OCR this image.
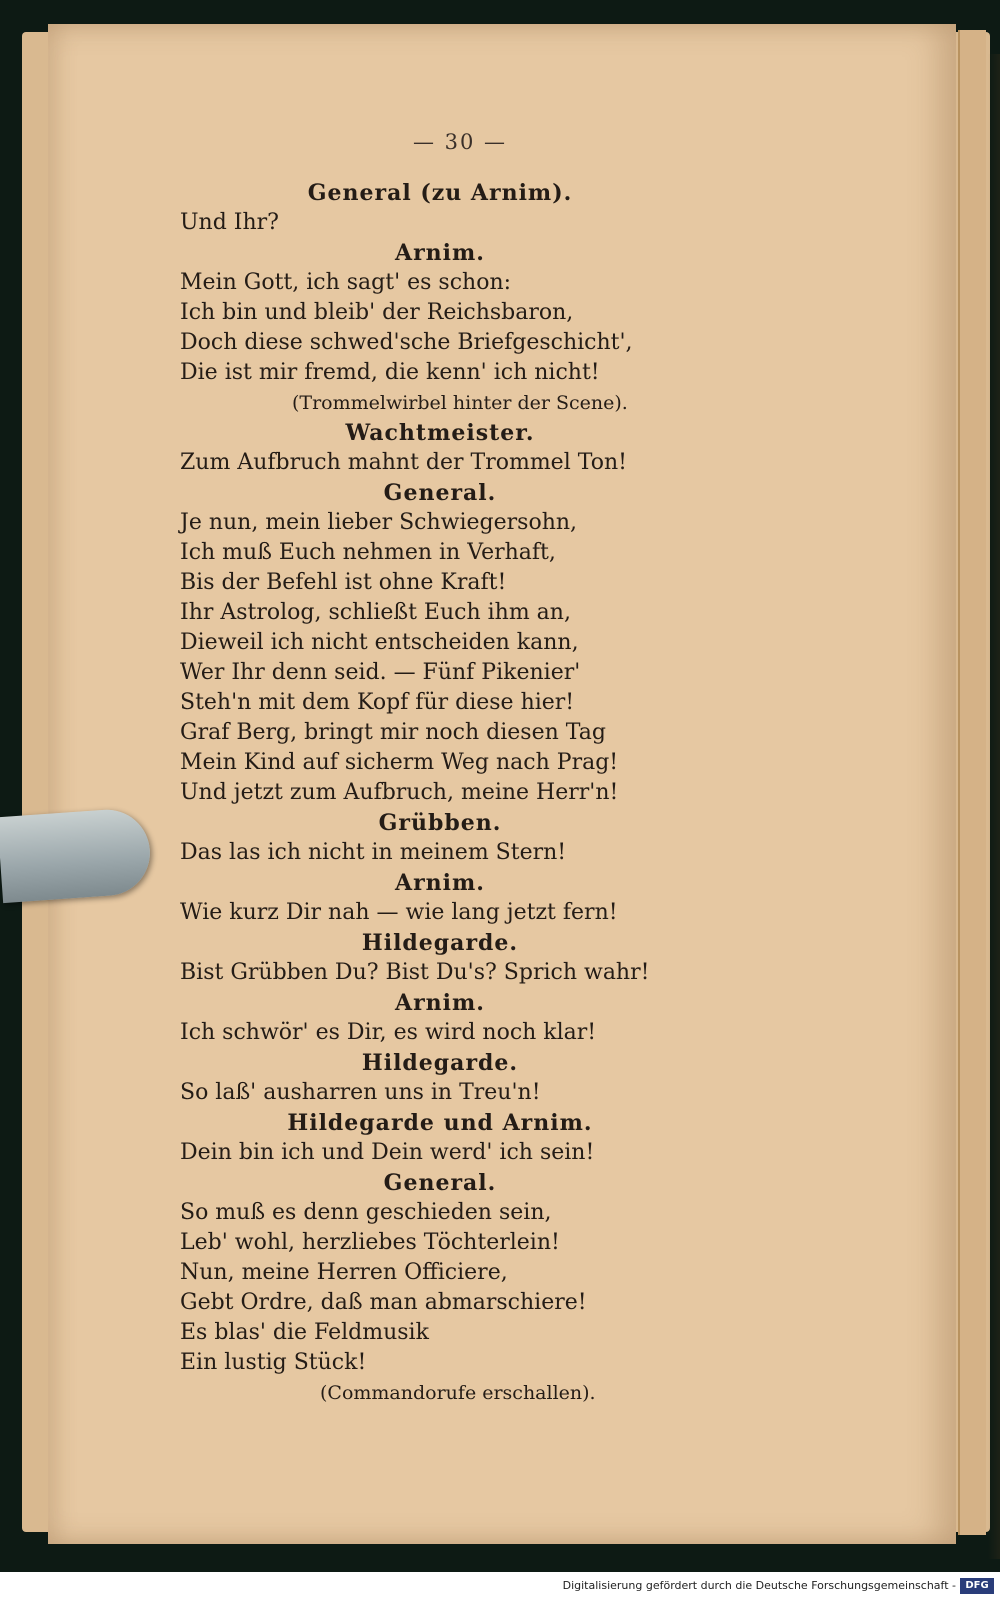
— 30 —
General (zu Arnim).
Und Ihr?
Arnim.
Mein Gott, ich sagt' es schon:
Ich bin und bleib' der Reichsbaron,
Doch diese schwed'sche Briefgeschicht',
Die ist mir fremd, die kenn' ich nicht!
(Trommelwirbel hinter der Scene).
Wachtmeister.
Zum Aufbruch mahnt der Trommel Ton!
General.
Je nun, mein lieber Schwiegersohn,
Ich muß Euch nehmen in Verhaft,
Bis der Befehl ist ohne Kraft!
Ihr Astrolog, schließt Euch ihm an,
Dieweil ich nicht entscheiden kann,
Wer Ihr denn seid. — Fünf Pikenier'
Steh'n mit dem Kopf für diese hier!
Graf Berg, bringt mir noch diesen Tag
Mein Kind auf sicherm Weg nach Prag!
Und jetzt zum Aufbruch, meine Herr'n!
Grübben.
Das las ich nicht in meinem Stern!
Arnim.
Wie kurz Dir nah — wie lang jetzt fern!
Hildegarde.
Bist Grübben Du? Bist Du's? Sprich wahr!
Arnim.
Ich schwör' es Dir, es wird noch klar!
Hildegarde.
So laß' ausharren uns in Treu'n!
Hildegarde und Arnim.
Dein bin ich und Dein werd' ich sein!
General.
So muß es denn geschieden sein,
Leb' wohl, herzliebes Töchterlein!
Nun, meine Herren Officiere,
Gebt Ordre, daß man abmarschiere!
Es blas' die Feldmusik
Ein lustig Stück!
(Commandorufe erschallen).
Digitalisierung gefördert durch die Deutsche Forschungsgemeinschaft - DFG
